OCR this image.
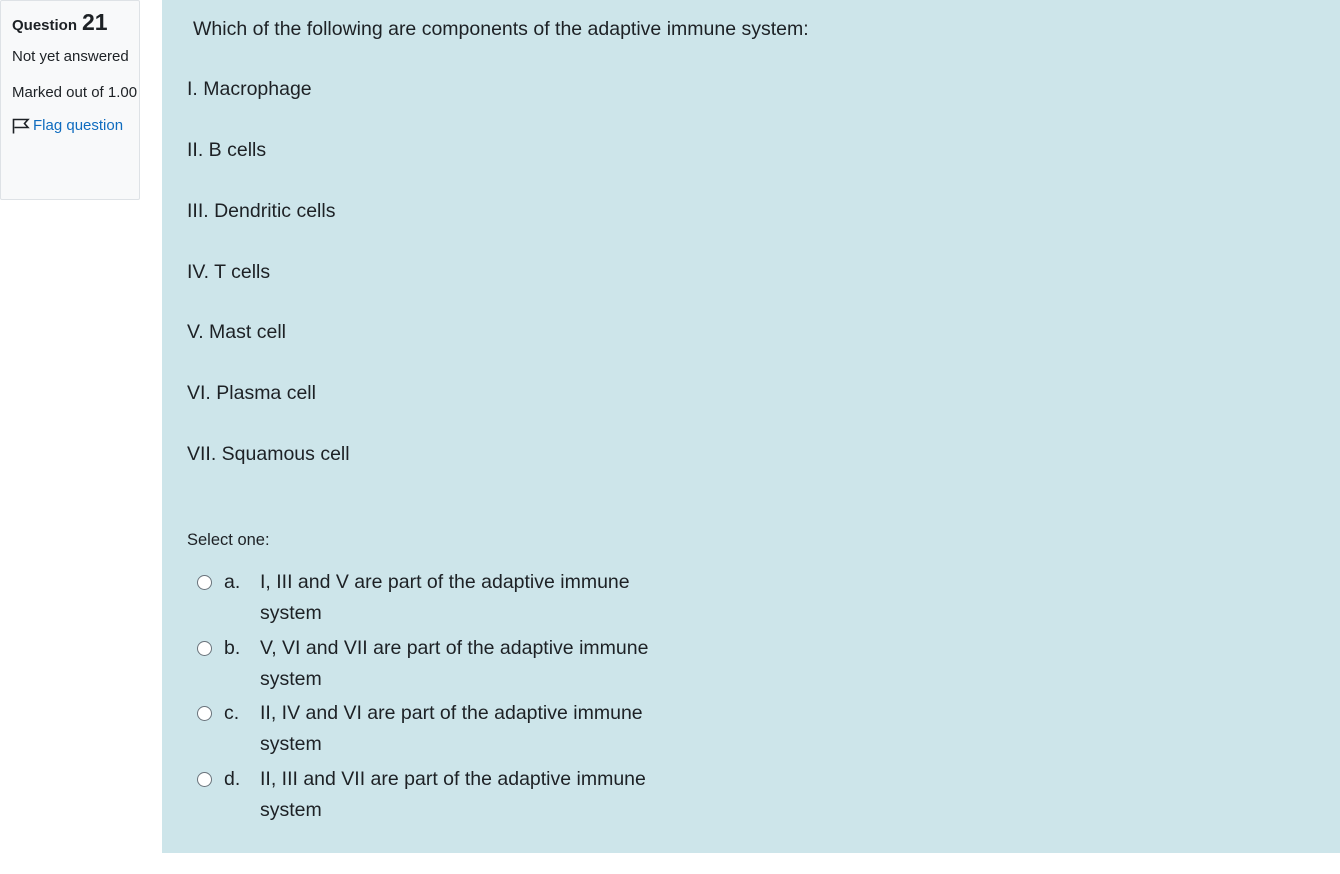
Question 21
Not yet answered
Marked out of 1.00
Flag question
Which of the following are components of the adaptive immune system:
I. Macrophage
II. B cells
III. Dendritic cells
IV. T cells
V. Mast cell
VI. Plasma cell
VII. Squamous cell
Select one:
a.	I, III and V are part of the adaptive immune system
b.	V, VI and VII are part of the adaptive immune system
c.	II, IV and VI are part of the adaptive immune system
d.	II, III and VII are part of the adaptive immune system
